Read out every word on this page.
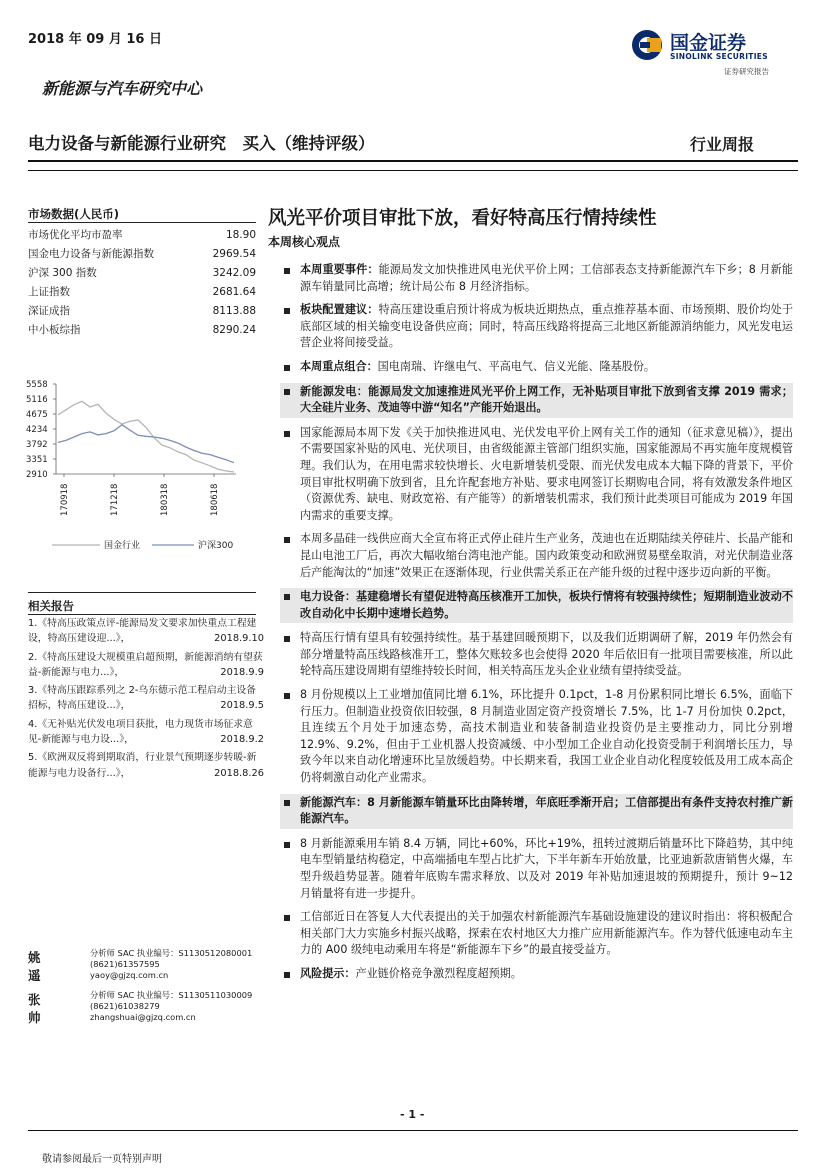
2018 年 09 月 16 日	国金证券
SINOLINK SECURITIES
证券研究报告
新能源与汽车研究中心
电力设备与新能源行业研究　买入（维持评级）	行业周报
市场数据(人民币)
市场优化平均市盈率	18.90
国金电力设备与新能源指数	2969.54
沪深 300 指数	3242.09
上证指数	2681.64
深证成指	8113.88
中小板综指	8290.24
5558
5116
4675
4234
3792
3351
2910
170918	171218	180318	180618
国金行业	沪深300
相关报告
1.《特高压政策点评-能源局发文要求加快重点工程建设，特高压建设迎...》，	2018.9.10
2.《特高压建设大规模重启超预期，新能源消纳有望获益-新能源与电力...》，	2018.9.9
3.《特高压跟踪系列之 2-乌东德示范工程启动主设备招标，特高压建设...》，	2018.9.5
4.《无补贴光伏发电项目获批，电力现货市场征求意见-新能源与电力设...》，	2018.9.2
5.《欧洲双反将到期取消，行业景气预期逐步转暖-新能源与电力设备行...》，	2018.8.26
姚遥
分析师 SAC 执业编号：S1130512080001
(8621)61357595
yaoy@gjzq.com.cn
张帅
分析师 SAC 执业编号：S1130511030009
(8621)61038279
zhangshuai@gjzq.com.cn
风光平价项目审批下放，看好特高压行情持续性
本周核心观点
本周重要事件：能源局发文加快推进风电光伏平价上网；工信部表态支持新能源汽车下乡；8 月新能源车销量同比高增；统计局公布 8 月经济指标。
板块配置建议：特高压建设重启预计将成为板块近期热点，重点推荐基本面、市场预期、股价均处于底部区域的相关输变电设备供应商；同时，特高压线路将提高三北地区新能源消纳能力，风光发电运营企业将间接受益。
本周重点组合：国电南瑞、许继电气、平高电气、信义光能、隆基股份。
新能源发电：能源局发文加速推进风光平价上网工作，无补贴项目审批下放到省支撑 2019 需求；大全硅片业务、茂迪等中游“知名”产能开始退出。
国家能源局本周下发《关于加快推进风电、光伏发电平价上网有关工作的通知（征求意见稿）》，提出不需要国家补贴的风电、光伏项目，由省级能源主管部门组织实施，国家能源局不再实施年度规模管理。我们认为，在用电需求较快增长、火电新增装机受限、而光伏发电成本大幅下降的背景下，平价项目审批权明确下放到省，且允许配套地方补贴、要求电网签订长期购电合同，将有效激发条件地区（资源优秀、缺电、财政宽裕、有产能等）的新增装机需求，我们预计此类项目可能成为 2019 年国内需求的重要支撑。
本周多晶硅一线供应商大全宣布将正式停止硅片生产业务，茂迪也在近期陆续关停硅片、长晶产能和昆山电池工厂后，再次大幅收缩台湾电池产能。国内政策变动和欧洲贸易壁垒取消，对光伏制造业落后产能淘汰的“加速”效果正在逐渐体现，行业供需关系正在产能升级的过程中逐步迈向新的平衡。
电力设备：基建稳增长有望促进特高压核准开工加快，板块行情将有较强持续性；短期制造业波动不改自动化中长期中速增长趋势。
特高压行情有望具有较强持续性。基于基建回暖预期下，以及我们近期调研了解，2019 年仍然会有部分增量特高压线路核准开工，整体欠账较多也会使得 2020 年后依旧有一批项目需要核准，所以此轮特高压建设周期有望维持较长时间，相关特高压龙头企业业绩有望持续受益。
8 月份规模以上工业增加值同比增 6.1%，环比提升 0.1pct，1-8 月份累积同比增长 6.5%，面临下行压力。但制造业投资依旧较强，8 月制造业固定资产投资增长 7.5%，比 1-7 月份加快 0.2pct，且连续五个月处于加速态势，高技术制造业和装备制造业投资仍是主要推动力，同比分别增 12.9%、9.2%，但由于工业机器人投资减缓、中小型加工企业自动化投资受制于利润增长压力，导致今年以来自动化增速环比呈放缓趋势。中长期来看，我国工业企业自动化程度较低及用工成本高企仍将刺激自动化产业需求。
新能源汽车：8 月新能源车销量环比由降转增，年底旺季渐开启；工信部提出有条件支持农村推广新能源汽车。
8 月新能源乘用车销 8.4 万辆，同比+60%，环比+19%，扭转过渡期后销量环比下降趋势，其中纯电车型销量结构稳定，中高端插电车型占比扩大，下半年新车开始放量，比亚迪新款唐销售火爆，车型升级趋势显著。随着年底购车需求释放、以及对 2019 年补贴加速退坡的预期提升，预计 9~12 月销量将有进一步提升。
工信部近日在答复人大代表提出的关于加强农村新能源汽车基础设施建设的建议时指出：将积极配合相关部门大力实施乡村振兴战略，探索在农村地区大力推广应用新能源汽车。作为替代低速电动车主力的 A00 级纯电动乘用车将是“新能源车下乡”的最直接受益方。
风险提示：产业链价格竞争激烈程度超预期。
- 1 -
敬请参阅最后一页特别声明
